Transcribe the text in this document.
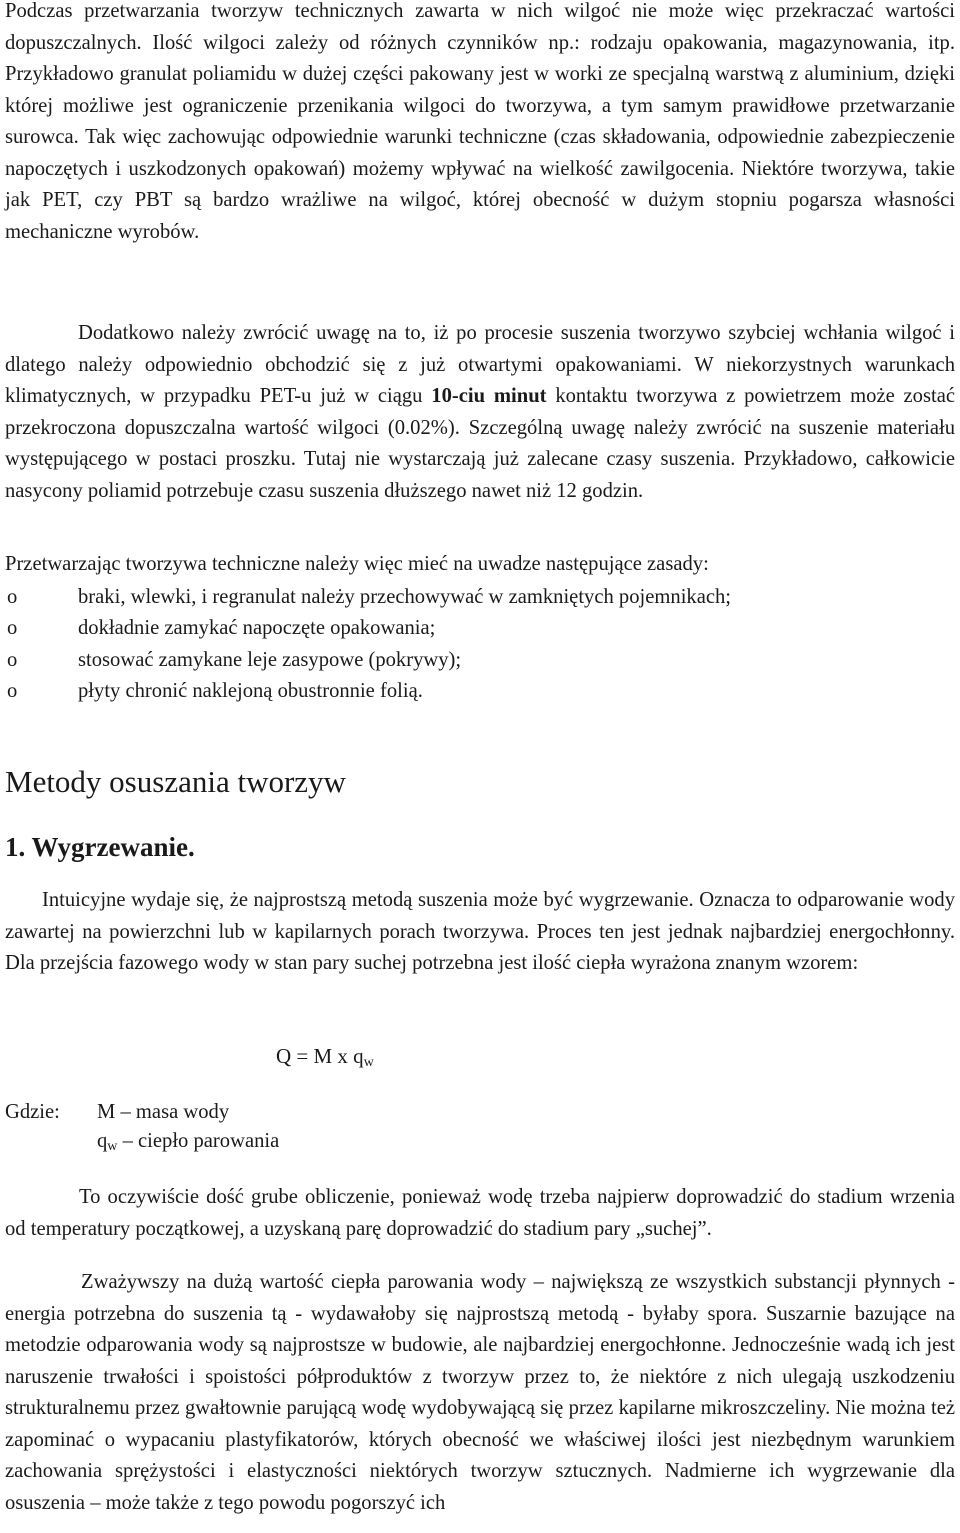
Podczas przetwarzania tworzyw technicznych zawarta w nich wilgoć nie może więc przekraczać wartości dopuszczalnych. Ilość wilgoci zależy od różnych czynników np.: rodzaju opakowania, magazynowania, itp. Przykładowo granulat poliamidu w dużej części pakowany jest w worki ze specjalną warstwą z aluminium, dzięki której możliwe jest ograniczenie przenikania wilgoci do tworzywa, a tym samym prawidłowe przetwarzanie surowca. Tak więc zachowując odpowiednie warunki techniczne (czas składowania, odpowiednie zabezpieczenie napoczętych i uszkodzonych opakowań) możemy wpływać na wielkość zawilgocenia. Niektóre tworzywa, takie jak PET, czy PBT są bardzo wrażliwe na wilgoć, której obecność w dużym stopniu pogarsza własności mechaniczne wyrobów.

Dodatkowo należy zwrócić uwagę na to, iż po procesie suszenia tworzywo szybciej wchłania wilgoć i dlatego należy odpowiednio obchodzić się z już otwartymi opakowaniami. W niekorzystnych warunkach klimatycznych, w przypadku PET-u już w ciągu 10-ciu minut kontaktu tworzywa z powietrzem może zostać przekroczona dopuszczalna wartość wilgoci (0.02%). Szczególną uwagę należy zwrócić na suszenie materiału występującego w postaci proszku. Tutaj nie wystarczają już zalecane czasy suszenia. Przykładowo, całkowicie nasycony poliamid potrzebuje czasu suszenia dłuższego nawet niż 12 godzin.

Przetwarzając tworzywa techniczne należy więc mieć na uwadze następujące zasady:

o	braki, wlewki, i regranulat należy przechowywać w zamkniętych pojemnikach;
o	dokładnie zamykać napoczęte opakowania;
o	stosować zamykane leje zasypowe (pokrywy);
o	płyty chronić naklejoną obustronnie folią.
Metody osuszania tworzyw
1. Wygrzewanie.

Intuicyjne wydaje się, że najprostszą metodą suszenia może być wygrzewanie. Oznacza to odparowanie wody zawartej na powierzchni lub w kapilarnych porach tworzywa. Proces ten jest jednak najbardziej energochłonny. Dla przejścia fazowego wody w stan pary suchej potrzebna jest ilość ciepła wyrażona znanym wzorem:

Q = M x $q_w$
Gdzie: M – masa wody
$q_w$ – ciepło parowania

To oczywiście dość grube obliczenie, ponieważ wodę trzeba najpierw doprowadzić do stadium wrzenia od temperatury początkowej, a uzyskaną parę doprowadzić do stadium pary „suchej”.

Zważywszy na dużą wartość ciepła parowania wody – największą ze wszystkich substancji płynnych - energia potrzebna do suszenia tą - wydawałoby się najprostszą metodą - byłaby spora. Suszarnie bazujące na metodzie odparowania wody są najprostsze w budowie, ale najbardziej energochłonne. Jednocześnie wadą ich jest naruszenie trwałości i spoistości półproduktów z tworzyw przez to, że niektóre z nich ulegają uszkodzeniu strukturalnemu przez gwałtownie parującą wodę wydobywającą się przez kapilarne mikroszczeliny. Nie można też zapominać o wypacaniu plastyfikatorów, których obecność we właściwej ilości jest niezbędnym warunkiem zachowania sprężystości i elastyczności niektórych tworzyw sztucznych. Nadmierne ich wygrzewanie dla osuszenia – może także z tego powodu pogorszyć ich
